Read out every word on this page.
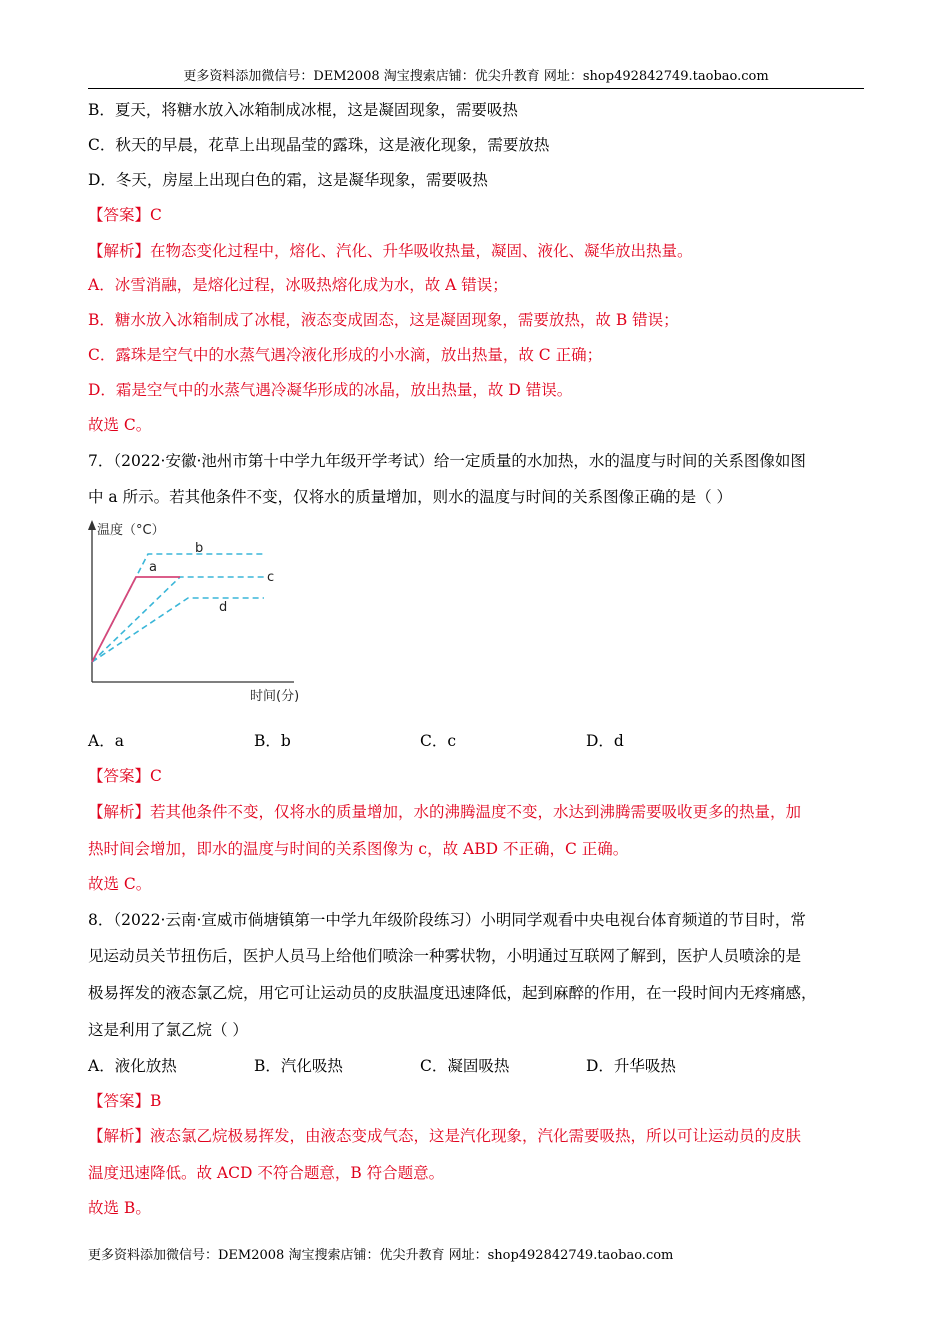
更多资料添加微信号：DEM2008 淘宝搜索店铺：优尖升教育 网址：shop492842749.taobao.com
B．夏天，将糖水放入冰箱制成冰棍，这是凝固现象，需要吸热
C．秋天的早晨，花草上出现晶莹的露珠，这是液化现象，需要放热
D．冬天，房屋上出现白色的霜，这是凝华现象，需要吸热
【答案】C
【解析】在物态变化过程中，熔化、汽化、升华吸收热量，凝固、液化、凝华放出热量。
A．冰雪消融，是熔化过程，冰吸热熔化成为水，故 A 错误；
B．糖水放入冰箱制成了冰棍，液态变成固态，这是凝固现象，需要放热，故 B 错误；
C．露珠是空气中的水蒸气遇冷液化形成的小水滴，放出热量，故 C 正确；
D．霜是空气中的水蒸气遇冷凝华形成的冰晶，放出热量，故 D 错误。
故选 C。
7．（2022·安徽·池州市第十中学九年级开学考试）给一定质量的水加热，水的温度与时间的关系图像如图
中 a 所示。若其他条件不变，仅将水的质量增加，则水的温度与时间的关系图像正确的是（ ）
温度（°C）
时间(分)
b
a
c
d
A．a	B．b	C．c	D．d
【答案】C
【解析】若其他条件不变，仅将水的质量增加，水的沸腾温度不变，水达到沸腾需要吸收更多的热量，加
热时间会增加，即水的温度与时间的关系图像为 c，故 ABD 不正确，C 正确。
故选 C。
8．（2022·云南·宣威市倘塘镇第一中学九年级阶段练习）小明同学观看中央电视台体育频道的节目时，常
见运动员关节扭伤后，医护人员马上给他们喷涂一种雾状物，小明通过互联网了解到，医护人员喷涂的是
极易挥发的液态氯乙烷，用它可让运动员的皮肤温度迅速降低，起到麻醉的作用，在一段时间内无疼痛感，
这是利用了氯乙烷（ ）
A．液化放热	B．汽化吸热	C．凝固吸热	D．升华吸热
【答案】B
【解析】液态氯乙烷极易挥发，由液态变成气态，这是汽化现象，汽化需要吸热，所以可让运动员的皮肤
温度迅速降低。故 ACD 不符合题意，B 符合题意。
故选 B。
更多资料添加微信号：DEM2008 淘宝搜索店铺：优尖升教育 网址：shop492842749.taobao.com
